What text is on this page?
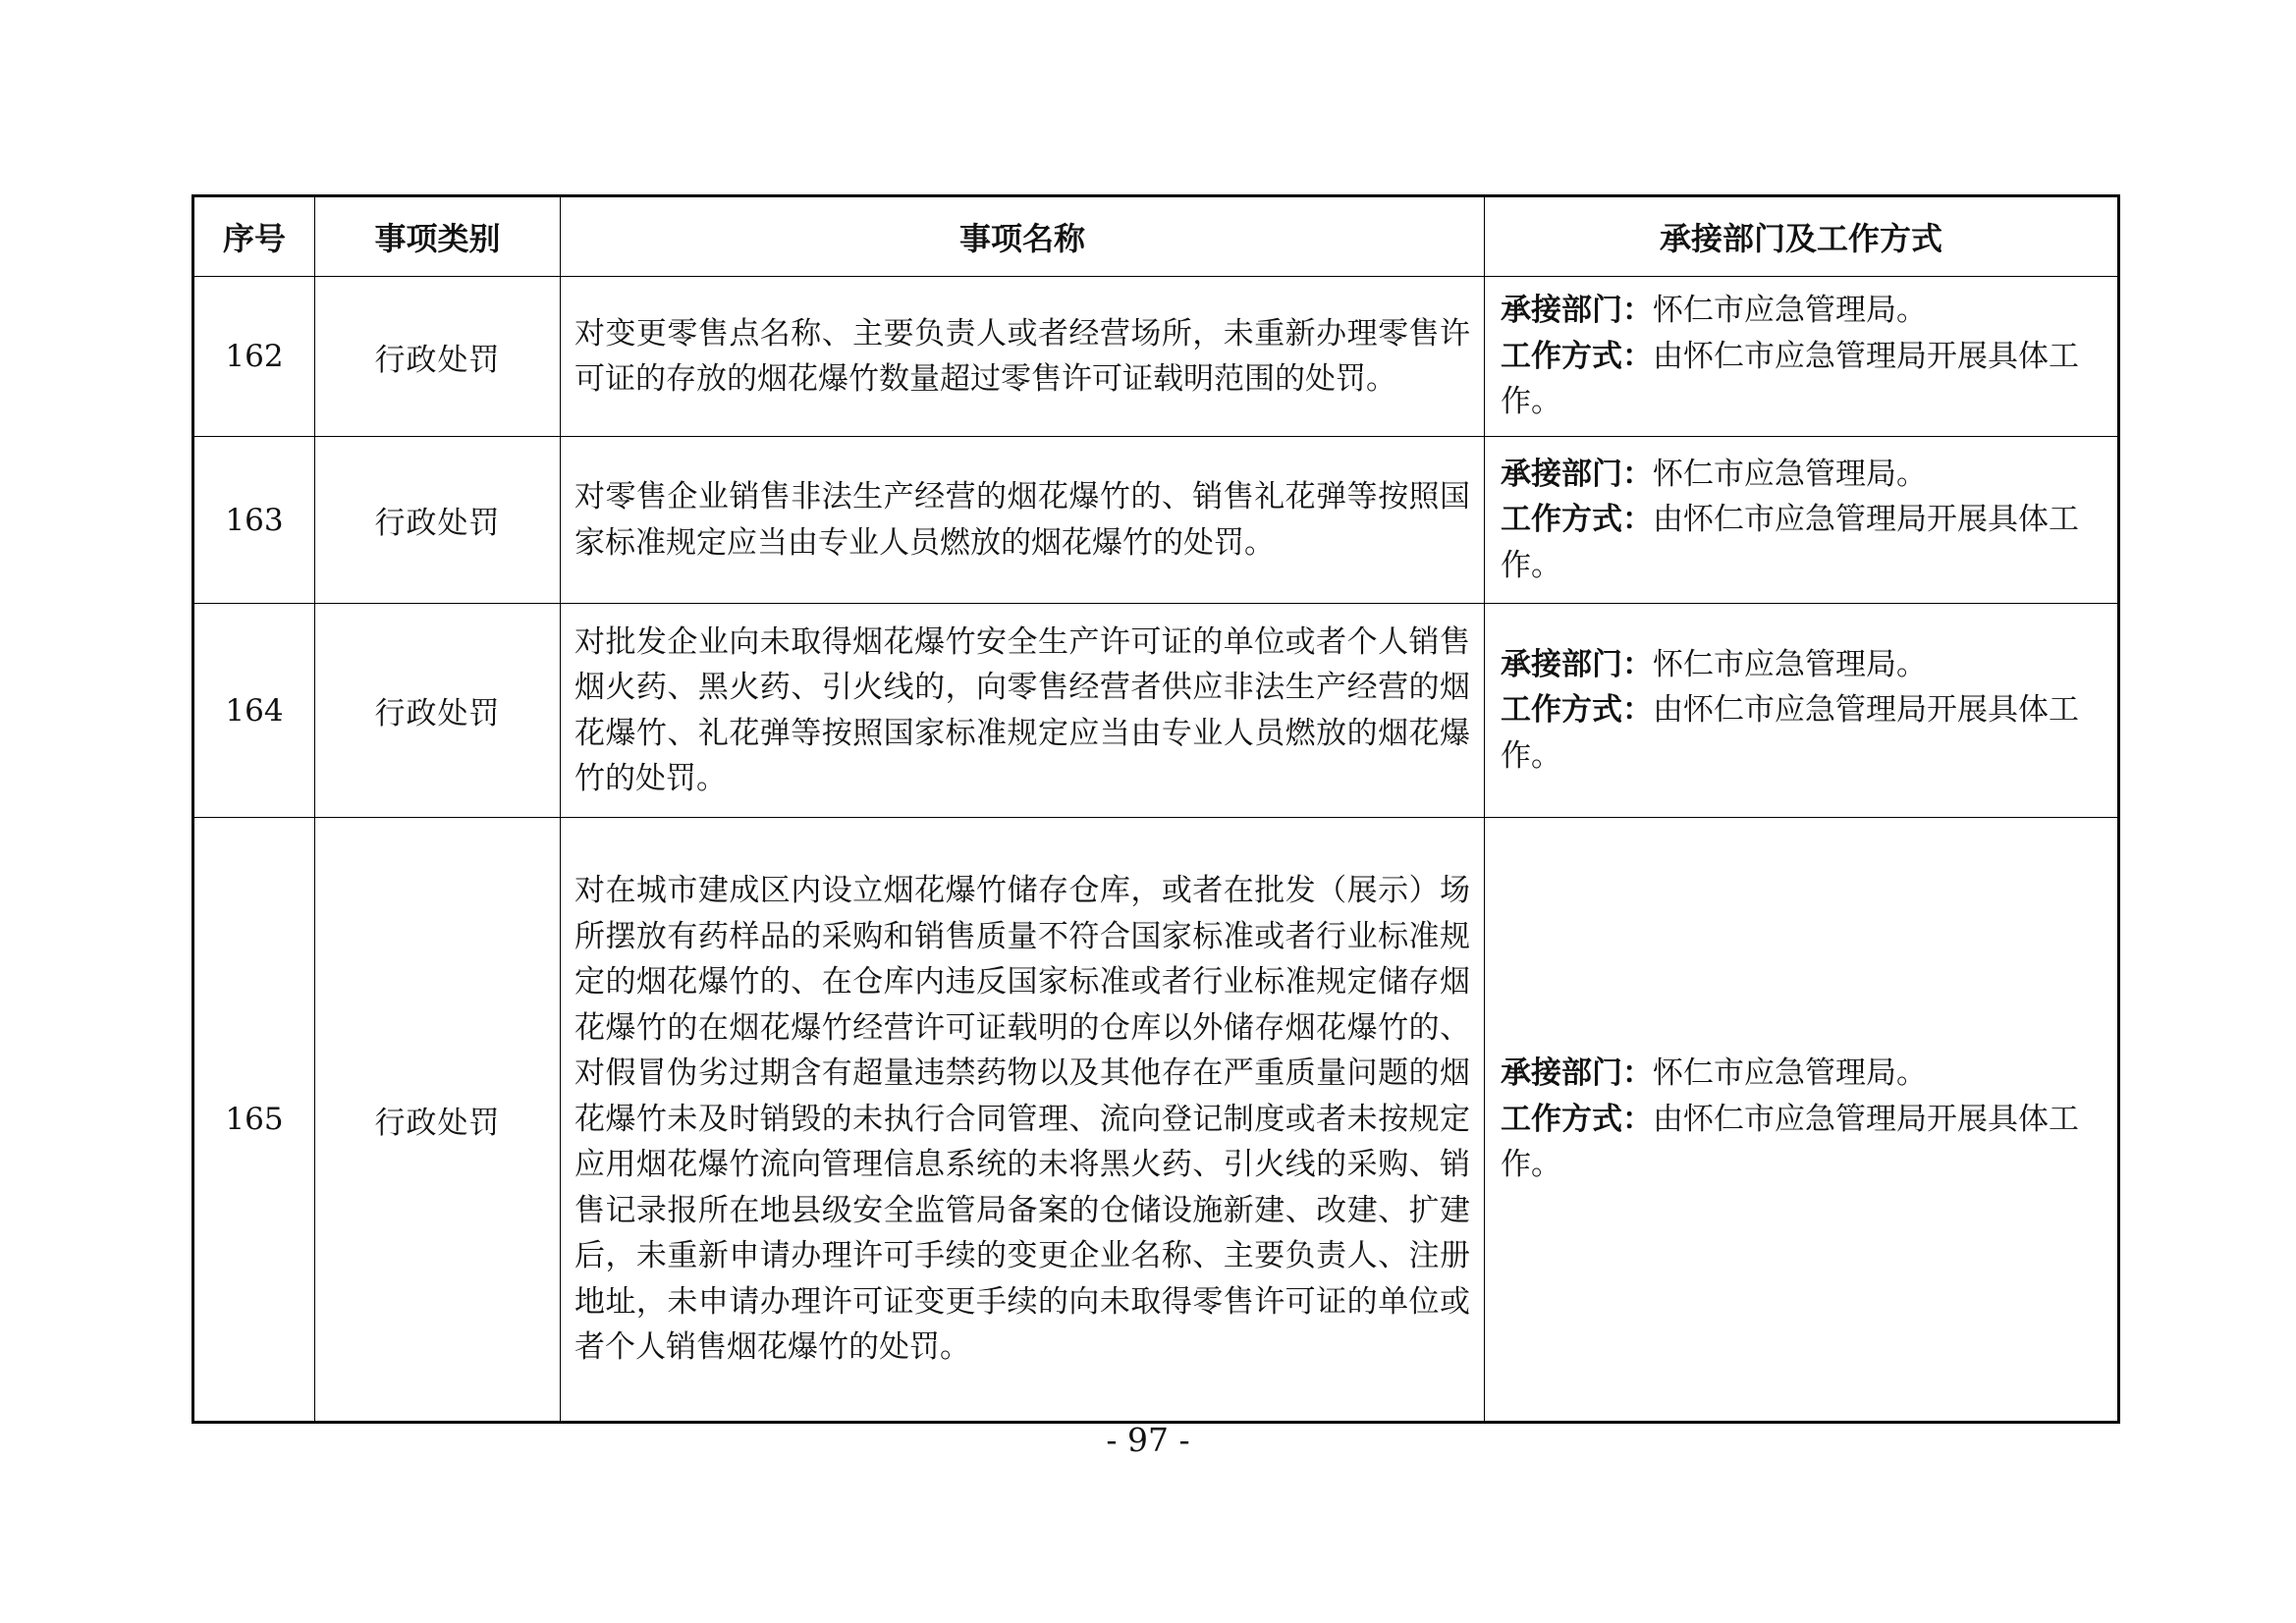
序号	事项类别	事项名称	承接部门及工作方式
162	行政处罚	对变更零售点名称、主要负责人或者经营场所，未重新办理零售许可证的存放的烟花爆竹数量超过零售许可证载明范围的处罚。	承接部门：怀仁市应急管理局。
工作方式：由怀仁市应急管理局开展具体工作。

163	行政处罚	对零售企业销售非法生产经营的烟花爆竹的、销售礼花弹等按照国家标准规定应当由专业人员燃放的烟花爆竹的处罚。	承接部门：怀仁市应急管理局。
工作方式：由怀仁市应急管理局开展具体工作。

164	行政处罚	对批发企业向未取得烟花爆竹安全生产许可证的单位或者个人销售烟火药、黑火药、引火线的，向零售经营者供应非法生产经营的烟花爆竹、礼花弹等按照国家标准规定应当由专业人员燃放的烟花爆竹的处罚。	承接部门：怀仁市应急管理局。
工作方式：由怀仁市应急管理局开展具体工作。

165	行政处罚	对在城市建成区内设立烟花爆竹储存仓库，或者在批发（展示）场所摆放有药样品的采购和销售质量不符合国家标准或者行业标准规定的烟花爆竹的、在仓库内违反国家标准或者行业标准规定储存烟花爆竹的在烟花爆竹经营许可证载明的仓库以外储存烟花爆竹的、对假冒伪劣过期含有超量违禁药物以及其他存在严重质量问题的烟花爆竹未及时销毁的未执行合同管理、流向登记制度或者未按规定应用烟花爆竹流向管理信息系统的未将黑火药、引火线的采购、销售记录报所在地县级安全监管局备案的仓储设施新建、改建、扩建后，未重新申请办理许可手续的变更企业名称、主要负责人、注册地址，未申请办理许可证变更手续的向未取得零售许可证的单位或者个人销售烟花爆竹的处罚。	承接部门：怀仁市应急管理局。
工作方式：由怀仁市应急管理局开展具体工作。
- 97 -
